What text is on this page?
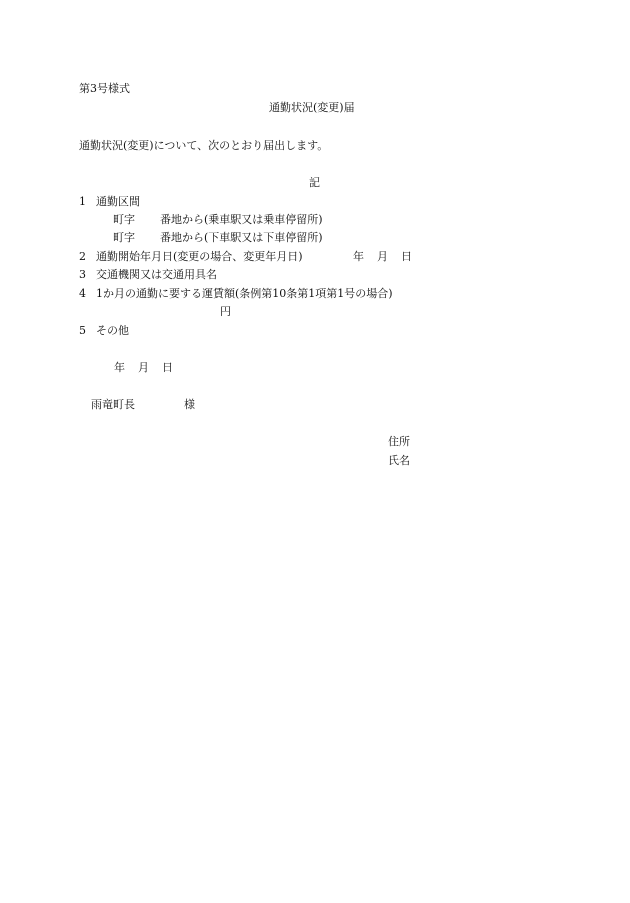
第3号様式
通勤状況(変更)届
通勤状況(変更)について、次のとおり届出します。
記
1 通勤区間
町字 番地から(乗車駅又は乗車停留所)
町字 番地から(下車駅又は下車停留所)
2 通勤開始年月日(変更の場合、変更年月日)	年 月 日
3 交通機関又は交通用具名
4 1か月の通勤に要する運賃額(条例第10条第1項第1号の場合)
円
5 その他
年 月 日
雨竜町長	様
住所
氏名
